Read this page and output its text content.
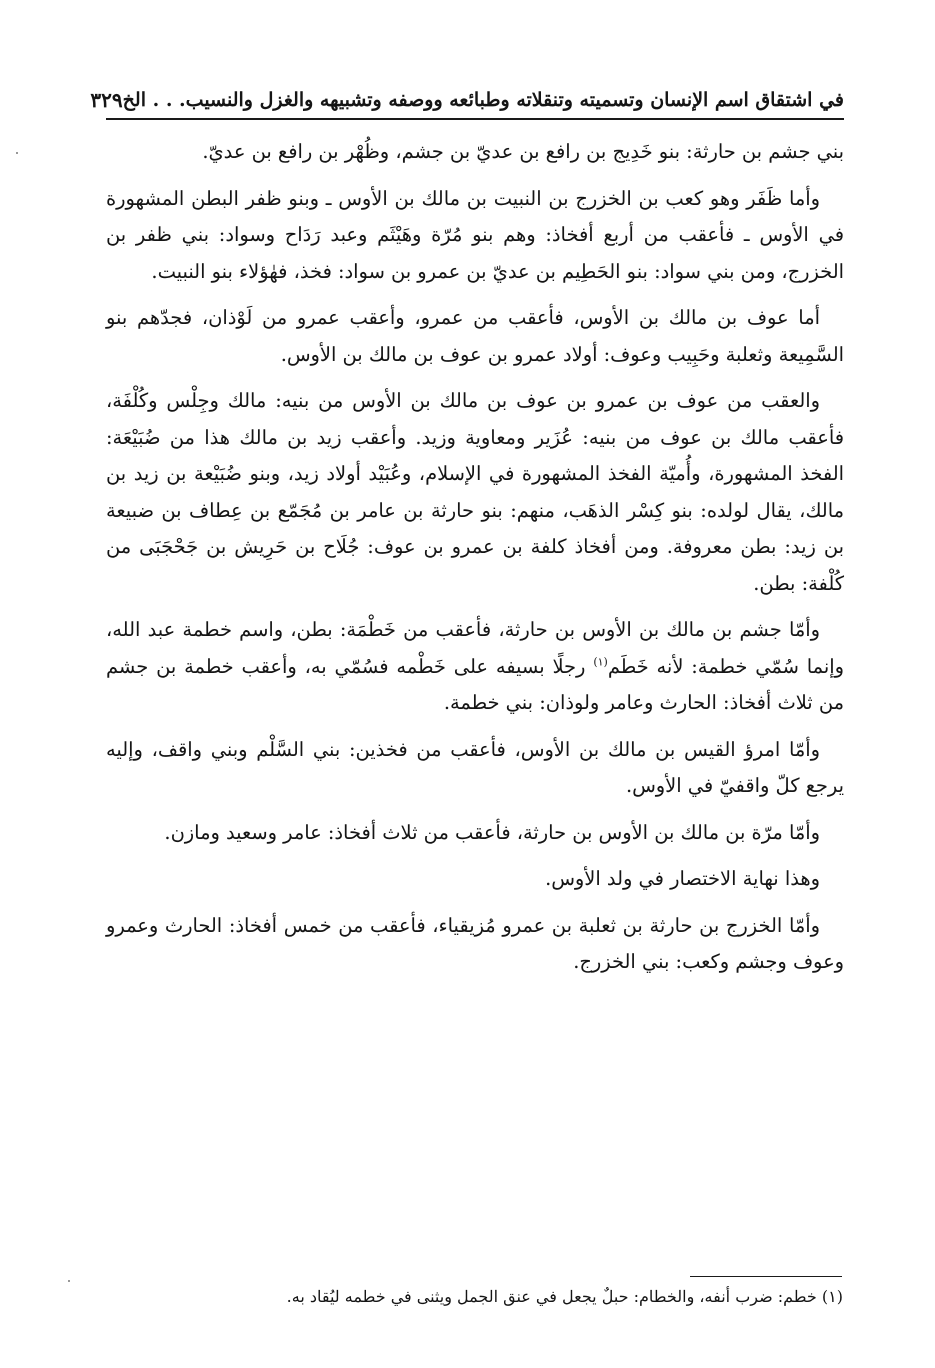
في اشتقاق اسم الإنسان وتسميته وتنقلاته وطبائعه ووصفه وتشبيهه والغزل والنسيب. . . الخ
٣٢٩

بني جشم بن حارثة: بنو خَدِيج بن رافع بن عديّ بن جشم، وظُهْر بن رافع بن عديّ.

وأما ظَفَر وهو كعب بن الخزرج بن النبيت بن مالك بن الأوس ـ وبنو ظفر البطن المشهورة في الأوس ـ فأعقب من أربع أفخاذ: وهم بنو مُرّة وهَيْثَم وعبد رَدَاح وسواد: بني ظفر بن الخزرج، ومن بني سواد: بنو الحَطِيم بن عديّ بن عمرو بن سواد: فخذ، فهٰؤلاء بنو النبيت.

أما عوف بن مالك بن الأوس، فأعقب من عمرو، وأعقب عمرو من لَوْذان، فجدّهم بنو السَّمِيعة وثعلبة وحَبِيب وعوف: أولاد عمرو بن عوف بن مالك بن الأوس.

والعقب من عوف بن عمرو بن عوف بن مالك بن الأوس من بنيه: مالك وجِلْس وكُلْفَة، فأعقب مالك بن عوف من بنيه: عُزَير ومعاوية وزيد. وأعقب زيد بن مالك هذا من ضُبَيْعَة: الفخذ المشهورة، وأُميّة الفخذ المشهورة في الإسلام، وعُبَيْد أولاد زيد، وبنو ضُبَيْعة بن زيد بن مالك، يقال لولده: بنو كِسْر الذهَب، منهم: بنو حارثة بن عامر بن مُجَمّع بن عِطاف بن ضبيعة بن زيد: بطن معروفة. ومن أفخاذ كلفة بن عمرو بن عوف: جُلَاح بن حَرِيش بن جَحْجَبَى من كُلْفة: بطن.

وأمّا جشم بن مالك بن الأوس بن حارثة، فأعقب من خَطْمَة: بطن، واسم خطمة عبد الله، وإنما سُمّي خطمة: لأنه خَطَم$^{(١)}$ رجلًا بسيفه على خَطْمه فسُمّي به، وأعقب خطمة بن جشم من ثلاث أفخاذ: الحارث وعامر ولوذان: بني خطمة.

وأمّا امرؤ القيس بن مالك بن الأوس، فأعقب من فخذين: بني السَّلْم وبني واقف، وإليه يرجع كلّ واقفيّ في الأوس.

وأمّا مرّة بن مالك بن الأوس بن حارثة، فأعقب من ثلاث أفخاذ: عامر وسعيد ومازن.

وهذا نهاية الاختصار في ولد الأوس.

وأمّا الخزرج بن حارثة بن ثعلبة بن عمرو مُزيقياء، فأعقب من خمس أفخاذ: الحارث وعمرو وعوف وجشم وكعب: بني الخزرج.

(١) خطم: ضرب أنفه، والخطام: حبلٌ يجعل في عنق الجمل ويثنى في خطمه ليُقاد به.
